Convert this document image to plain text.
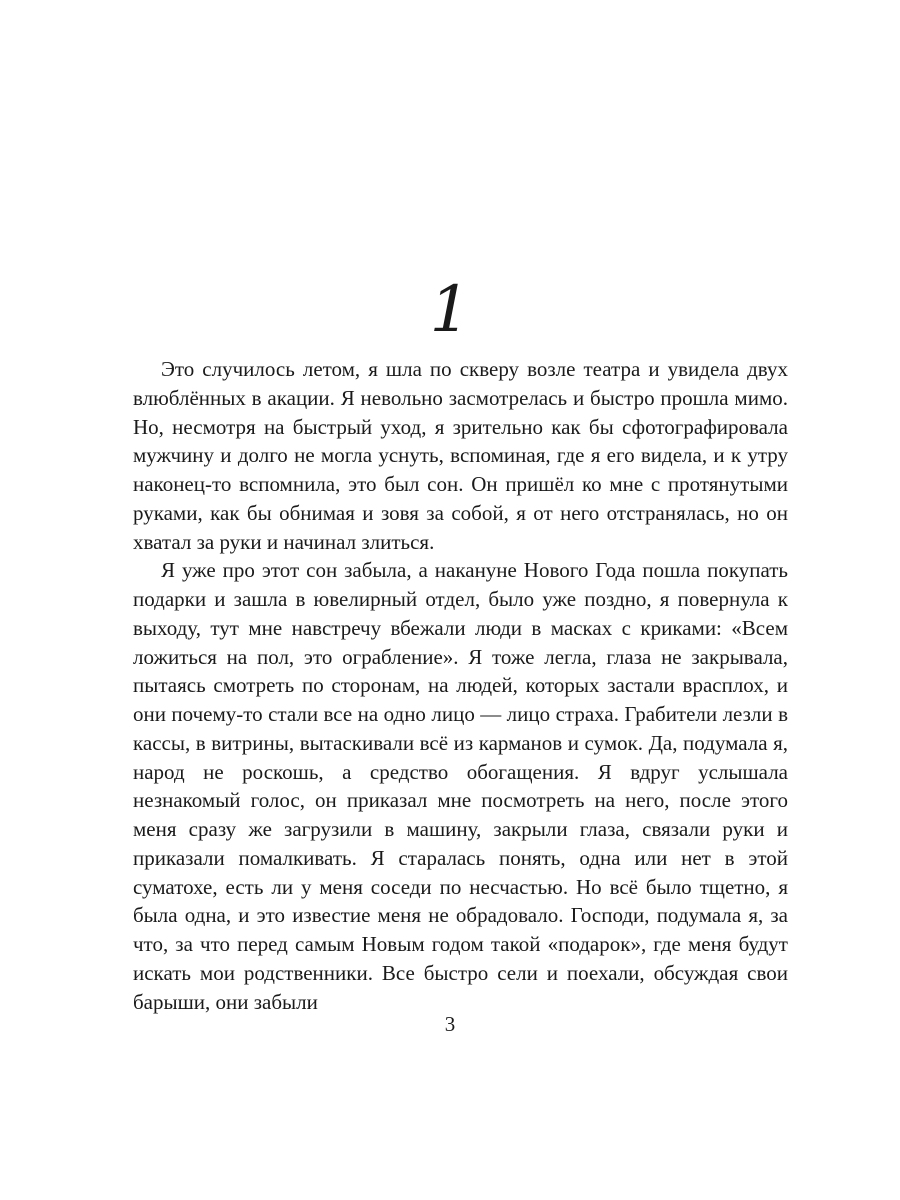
1

Это случилось летом, я шла по скверу возле театра и увидела двух влюблённых в акации. Я невольно засмотрелась и быстро прошла мимо. Но, несмотря на быстрый уход, я зрительно как бы сфотографировала мужчину и долго не могла уснуть, вспоминая, где я его видела, и к утру наконец-то вспомнила, это был сон. Он пришёл ко мне с протянутыми руками, как бы обнимая и зовя за собой, я от него отстранялась, но он хватал за руки и начинал злиться.

Я уже про этот сон забыла, а накануне Нового Года пошла покупать подарки и зашла в ювелирный отдел, было уже поздно, я повернула к выходу, тут мне навстречу вбежали люди в масках с криками: «Всем ложиться на пол, это ограбление». Я тоже легла, глаза не закрывала, пытаясь смотреть по сторонам, на людей, которых застали врасплох, и они почему-то стали все на одно лицо — лицо страха. Грабители лезли в кассы, в витрины, вытаскивали всё из карманов и сумок. Да, подумала я, народ не роскошь, а средство обогащения. Я вдруг услышала незнакомый голос, он приказал мне посмотреть на него, после этого меня сразу же загрузили в машину, закрыли глаза, связали руки и приказали помалкивать. Я старалась понять, одна или нет в этой суматохе, есть ли у меня соседи по несчастью. Но всё было тщетно, я была одна, и это известие меня не обрадовало. Господи, подумала я, за что, за что перед самым Новым годом такой «подарок», где меня будут искать мои родственники. Все быстро сели и поехали, обсуждая свои барыши, они забыли

3
